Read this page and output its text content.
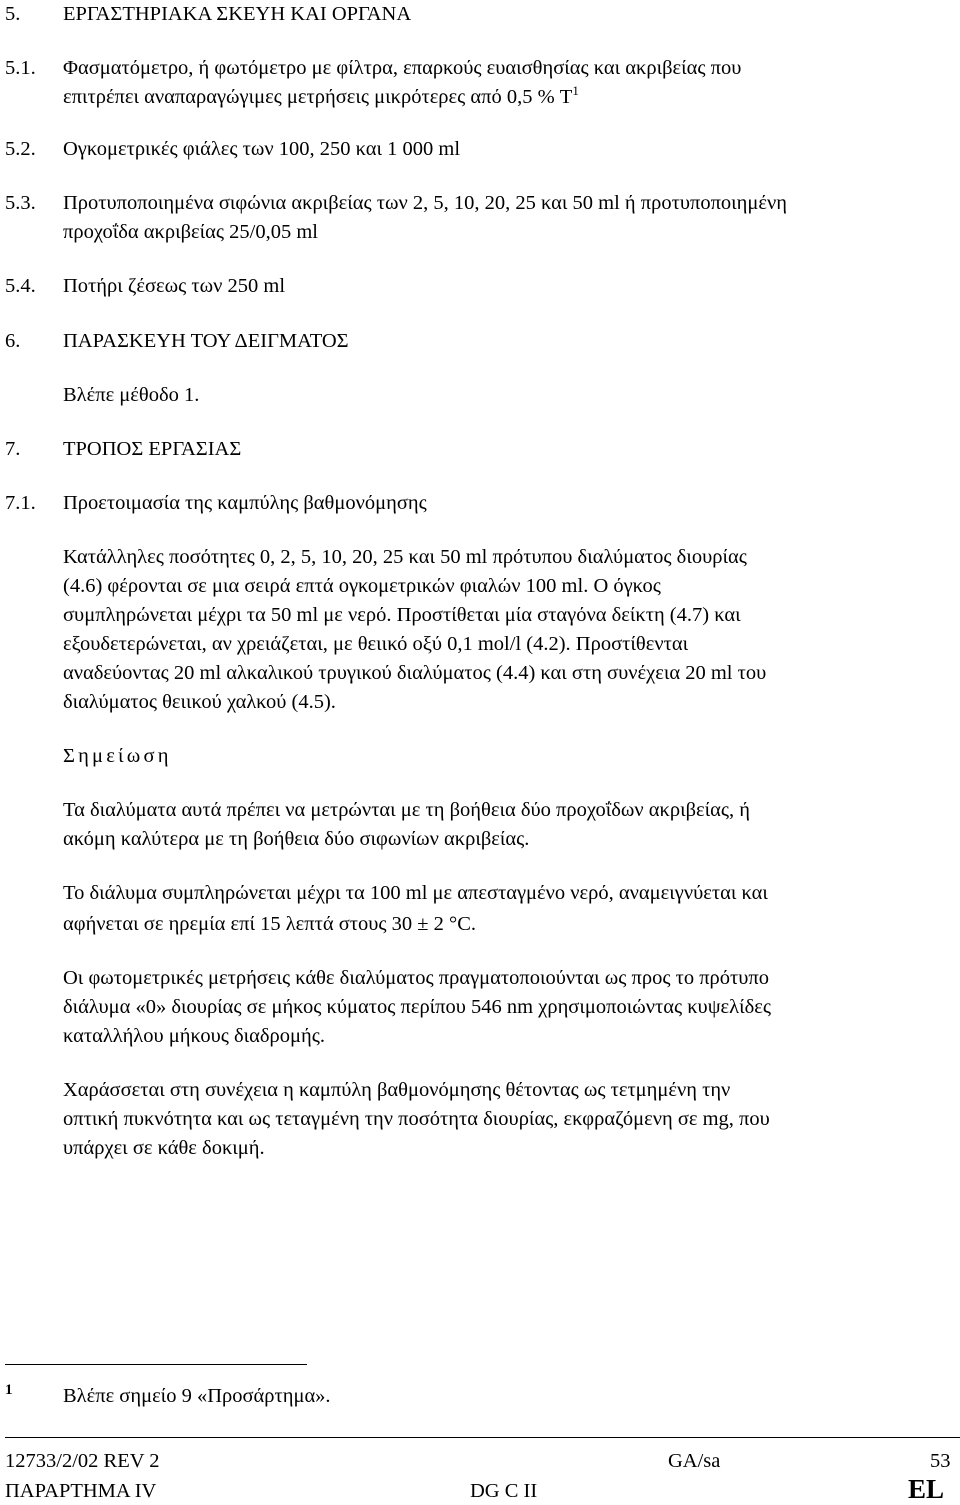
5. ΕΡΓΑΣΤΗΡΙΑΚΑ ΣΚΕΥΗ ΚΑΙ ΟΡΓΑΝΑ
5.1. Φασματόμετρο, ή φωτόμετρο με φίλτρα, επαρκούς ευαισθησίας και ακριβείας που
επιτρέπει αναπαραγώγιμες μετρήσεις μικρότερες από 0,5 % $T^1$
5.2. Ογκομετρικές φιάλες των 100, 250 και 1 000 ml
5.3. Προτυποποιημένα σιφώνια ακριβείας των 2, 5, 10, 20, 25 και 50 ml ή προτυποποιημένη
προχοΐδα ακριβείας 25/0,05 ml
5.4. Ποτήρι ζέσεως των 250 ml
6. ΠΑΡΑΣΚΕΥΗ ΤΟΥ ΔΕΙΓΜΑΤΟΣ
Βλέπε μέθοδο 1.
7. ΤΡΟΠΟΣ ΕΡΓΑΣΙΑΣ
7.1. Προετοιμασία της καμπύλης βαθμονόμησης
Κατάλληλες ποσότητες 0, 2, 5, 10, 20, 25 και 50 ml πρότυπου διαλύματος διουρίας
(4.6) φέρονται σε μια σειρά επτά ογκομετρικών φιαλών 100 ml. Ο όγκος
συμπληρώνεται μέχρι τα 50 ml με νερό. Προστίθεται μία σταγόνα δείκτη (4.7) και
εξουδετερώνεται, αν χρειάζεται, με θειικό οξύ 0,1 mol/l (4.2). Προστίθενται
αναδεύοντας 20 ml αλκαλικού τρυγικού διαλύματος (4.4) και στη συνέχεια 20 ml του
διαλύματος θειικού χαλκού (4.5).
Σημείωση
Τα διαλύματα αυτά πρέπει να μετρώνται με τη βοήθεια δύο προχοΐδων ακριβείας, ή
ακόμη καλύτερα με τη βοήθεια δύο σιφωνίων ακριβείας.
Το διάλυμα συμπληρώνεται μέχρι τα 100 ml με απεσταγμένο νερό, αναμειγνύεται και
αφήνεται σε ηρεμία επί 15 λεπτά στους 30 ± 2 °C.
Οι φωτομετρικές μετρήσεις κάθε διαλύματος πραγματοποιούνται ως προς το πρότυπο
διάλυμα «0» διουρίας σε μήκος κύματος περίπου 546 nm χρησιμοποιώντας κυψελίδες
καταλλήλου μήκους διαδρομής.
Χαράσσεται στη συνέχεια η καμπύλη βαθμονόμησης θέτοντας ως τετμημένη την
οπτική πυκνότητα και ως τεταγμένη την ποσότητα διουρίας, εκφραζόμενη σε mg, που
υπάρχει σε κάθε δοκιμή.
1 Βλέπε σημείο 9 «Προσάρτημα».
12733/2/02 REV 2	GA/sa	53
ΠΑΡΑΡΤΗΜΑ IV	DG C II	EL
